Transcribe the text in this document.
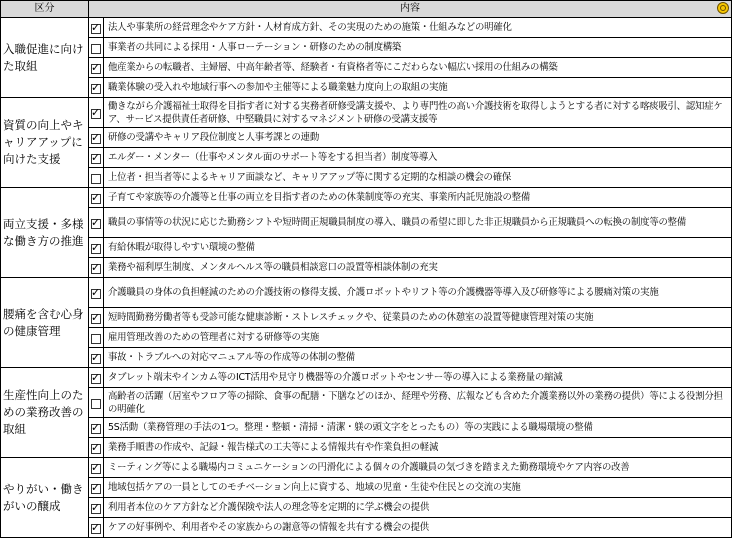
区分	内容	

入職促進に向けた取組	✓	法人や事業所の経営理念やケア方針・人材育成方針、その実現のための施策・仕組みなどの明確化

		事業者の共同による採用・人事ローテーション・研修のための制度構築

	✓	他産業からの転職者、主婦層、中高年齢者等、経験者・有資格者等にこだわらない幅広い採用の仕組みの構築

	✓	職業体験の受入れや地域行事への参加や主催等による職業魅力度向上の取組の実施
資質の向上やキャリアアップに向けた支援	✓	働きながら介護福祉士取得を目指す者に対する実務者研修受講支援や、より専門性の高い介護技術を取得しようとする者に対する喀痰吸引、認知症ケア、サービス提供責任者研修、中堅職員に対するマネジメント研修の受講支援等

	✓	研修の受講やキャリア段位制度と人事考課との連動

	✓	エルダー・メンター（仕事やメンタル面のサポート等をする担当者）制度等導入

		上位者・担当者等によるキャリア面談など、キャリアアップ等に関する定期的な相談の機会の確保
両立支援・多様な働き方の推進	✓	子育てや家族等の介護等と仕事の両立を目指す者のための休業制度等の充実、事業所内託児施設の整備

	✓	職員の事情等の状況に応じた勤務シフトや短時間正規職員制度の導入、職員の希望に即した非正規職員から正規職員への転換の制度等の整備

	✓	有給休暇が取得しやすい環境の整備

	✓	業務や福利厚生制度、メンタルヘルス等の職員相談窓口の設置等相談体制の充実
腰痛を含む心身の健康管理	✓	介護職員の身体の負担軽減のための介護技術の修得支援、介護ロボットやリフト等の介護機器等導入及び研修等による腰痛対策の実施

	✓	短時間勤務労働者等も受診可能な健康診断・ストレスチェックや、従業員のための休憩室の設置等健康管理対策の実施

		雇用管理改善のための管理者に対する研修等の実施

	✓	事故・トラブルへの対応マニュアル等の作成等の体制の整備
生産性向上のための業務改善の取組	✓	タブレット端末やインカム等のICT活用や見守り機器等の介護ロボットやセンサー等の導入による業務量の縮減

		高齢者の活躍（居室やフロア等の掃除、食事の配膳・下膳などのほか、経理や労務、広報なども含めた介護業務以外の業務の提供）等による役割分担の明確化

	✓	5S活動（業務管理の手法の1つ。整理・整頓・清掃・清潔・躾の頭文字をとったもの）等の実践による職場環境の整備

	✓	業務手順書の作成や、記録・報告様式の工夫等による情報共有や作業負担の軽減
やりがい・働きがいの醸成	✓	ミーティング等による職場内コミュニケーションの円滑化による個々の介護職員の気づきを踏まえた勤務環境やケア内容の改善

	✓	地域包括ケアの一員としてのモチベーション向上に資する、地域の児童・生徒や住民との交流の実施

	✓	利用者本位のケア方針など介護保険や法人の理念等を定期的に学ぶ機会の提供

	✓	ケアの好事例や、利用者やその家族からの謝意等の情報を共有する機会の提供
